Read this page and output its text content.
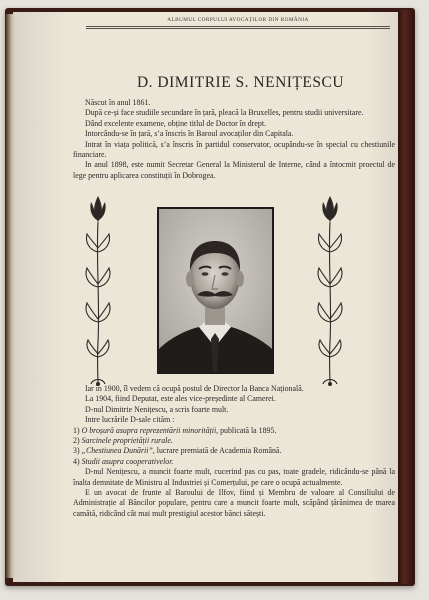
ALBUMUL CORPULUI AVOCAȚILOR DIN ROMÂNIA
D. DIMITRIE S. NENIȚESCU

Născut în anul 1861.

După ce-și face studiile secundare în țară, pleacă la Bruxelles, pentru studii universitare.

Dând excelente examene, obține titlul de Doctor în drept.

Intorcându-se în țară, s’a înscris în Baroul avocaților din Capitala.

Intrat în viața politică, s’a înscris în partidul conservator, ocupându-se în special cu chestiunile financiare.

In anul 1898, este numit Secretar General la Ministerul de Interne, când a întocmit proectul de lege pentru aplicarea constituții în Dobrogea.

Iar în 1900, îl vedem că ocupă postul de Director la Banca Națională.

La 1904, fiind Deputat, este ales vice-președinte al Camerei.

D-nul Dimitrie Nenițescu, a scris foarte mult.

Intre lucrările D-sale cităm :

1) O broșură asupra reprezentării minorității, publicată la 1895.
2) Sarcinele proprietății rurale.
3) „Chestiunea Dunării”, lucrare premiată de Academia Română.
4) Studii asupra cooperativelor.

D-nul Nenițescu, a muncit foarte mult, cucerind pas cu pas, toate gradele, ridicându-se până la înalta demnitate de Ministru al Industriei și Comerțului, pe care o ocupă actualmente.

E un avocat de frunte al Baroului de Ilfov, fiind și Membru de valoare al Consiliului de Administrație al Băncilor populare, pentru care a muncit foarte mult, scăpând țărănimea de marea camătă, ridicând cât mai mult prestigiul acestor bănci sătești.
